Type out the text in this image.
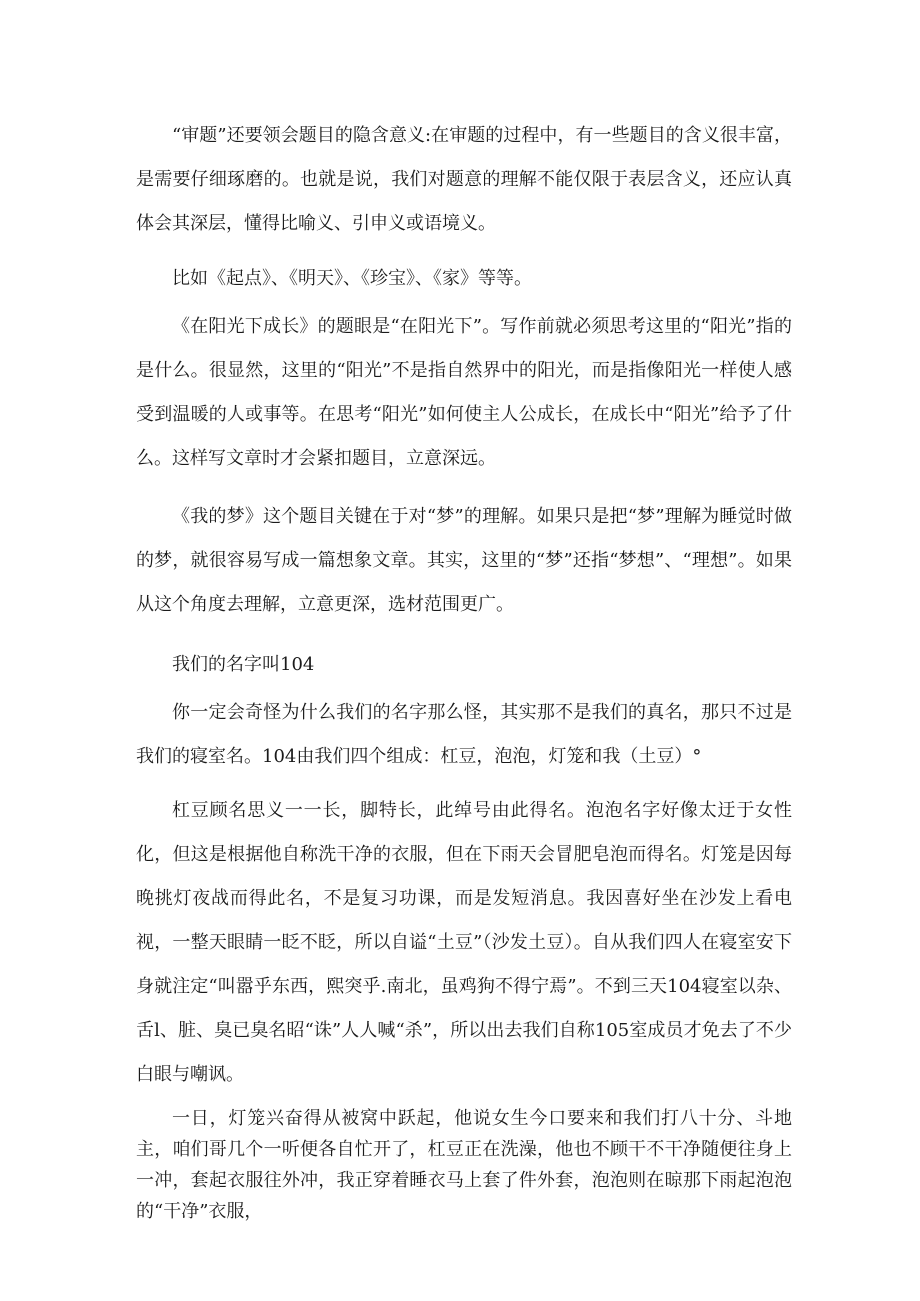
“审题”还要领会题目的隐含意义:在审题的过程中，有一些题目的含义很丰富，是需要仔细琢磨的。也就是说，我们对题意的理解不能仅限于表层含义，还应认真体会其深层，懂得比喻义、引申义或语境义。

比如《起点》、《明天》、《珍宝》、《家》等等。

《在阳光下成长》的题眼是“在阳光下”。写作前就必须思考这里的“阳光”指的是什么。很显然，这里的“阳光”不是指自然界中的阳光，而是指像阳光一样使人感受到温暖的人或事等。在思考“阳光”如何使主人公成长，在成长中“阳光”给予了什么。这样写文章时才会紧扣题目，立意深远。

《我的梦》这个题目关键在于对“梦”的理解。如果只是把“梦”理解为睡觉时做的梦，就很容易写成一篇想象文章。其实，这里的“梦”还指“梦想”、“理想”。如果从这个角度去理解，立意更深，选材范围更广。

我们的名字叫104

你一定会奇怪为什么我们的名字那么怪，其实那不是我们的真名，那只不过是我们的寝室名。104由我们四个组成：杠豆，泡泡，灯笼和我（土豆）°

杠豆顾名思义一一长，脚特长，此绰号由此得名。泡泡名字好像太迂于女性化，但这是根据他自称洗干净的衣服，但在下雨天会冒肥皂泡而得名。灯笼是因每晚挑灯夜战而得此名，不是复习功课，而是发短消息。我因喜好坐在沙发上看电视，一整天眼睛一眨不眨，所以自谥“土豆”（沙发土豆）。自从我们四人在寝室安下身就注定“叫嚣乎东西，熙突乎.南北，虽鸡狗不得宁焉”。不到三天104寝室以杂、舌l、脏、臭已臭名昭“诛”人人喊“杀”，所以出去我们自称105室成员才免去了不少白眼与嘲讽。

一日，灯笼兴奋得从被窝中跃起，他说女生今口要来和我们打八十分、斗地主，咱们哥几个一听便各自忙开了，杠豆正在洗澡，他也不顾干不干净随便往身上一冲，套起衣服往外冲，我正穿着睡衣马上套了件外套，泡泡则在晾那下雨起泡泡的“干净”衣服，
